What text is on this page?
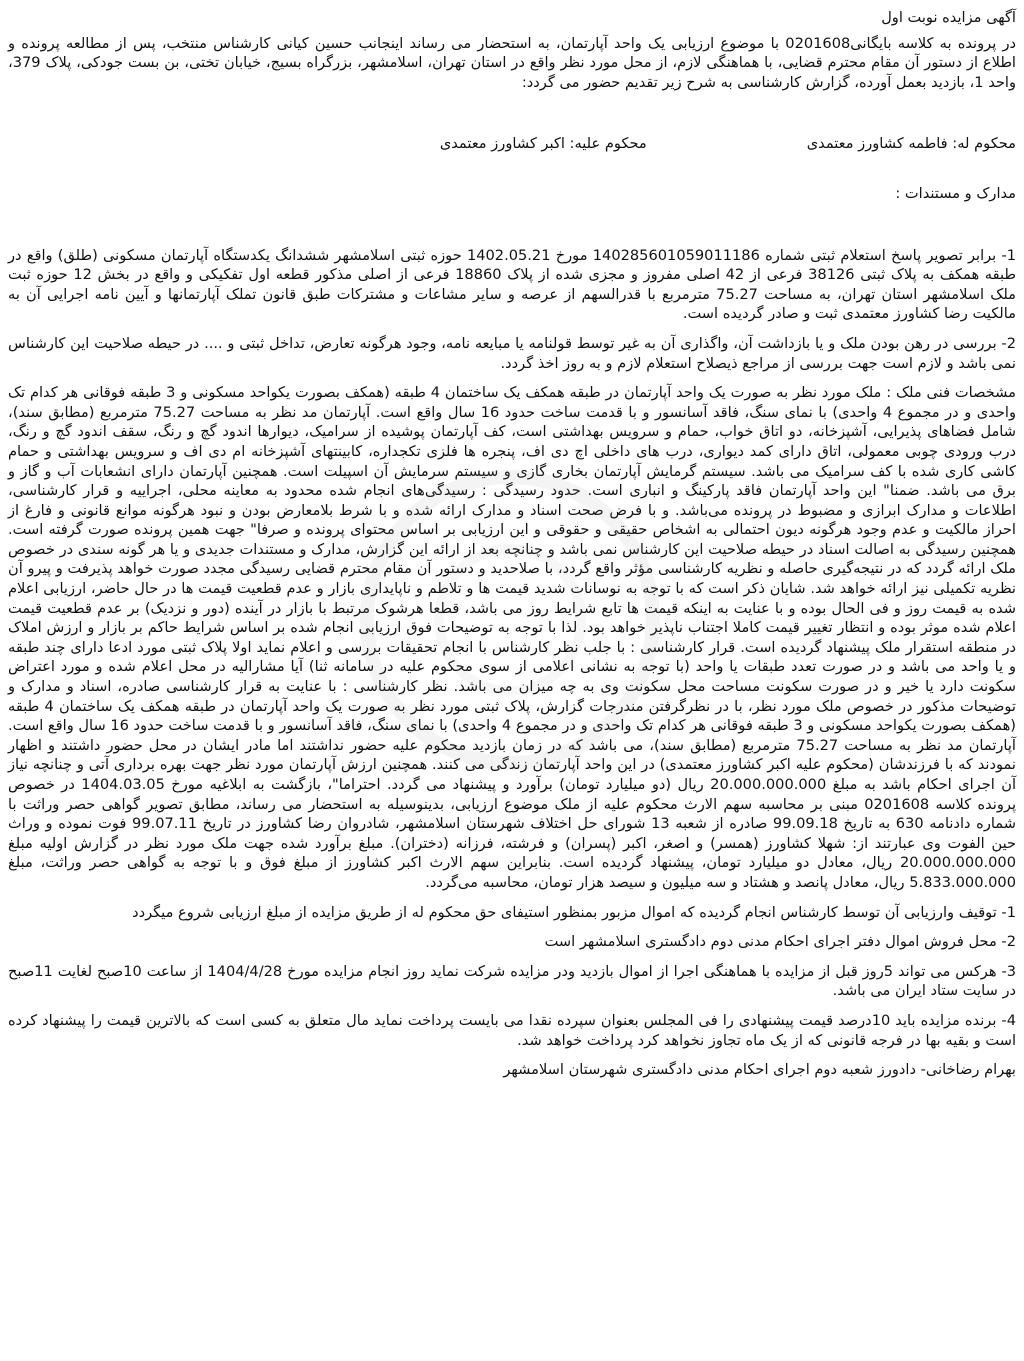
آگهی مزایده نوبت اول

در پرونده به کلاسه بایگانی0201608 با موضوع ارزیابی یک واحد آپارتمان، به استحضار می رساند اینجانب حسین کیانی کارشناس منتخب، پس از مطالعه پرونده و اطلاع از دستور آن مقام محترم قضایی، با هماهنگی لازم، از محل مورد نظر واقع در استان تهران، اسلامشهر، بزرگراه بسیج، خیابان تختی، بن بست جودکی، پلاک 379، واحد 1، بازدید بعمل آورده، گزارش کارشناسی به شرح زیر تقدیم حضور می گردد:

محکوم له: فاطمه کشاورز معتمدی
محکوم علیه: اکبر کشاورز معتمدی

مدارک و مستندات :

1- برابر تصویر پاسخ استعلام ثبتی شماره 140285601059011186 مورخ 1402.05.21 حوزه ثبتی اسلامشهر ششدانگ یکدستگاه آپارتمان مسکونی (طلق) واقع در طبقه همکف به پلاک ثبتی 38126 فرعی از 42 اصلی مفروز و مجزی شده از پلاک 18860 فرعی از اصلی مذکور قطعه اول تفکیکی و واقع در بخش 12 حوزه ثبت ملک اسلامشهر استان تهران، به مساحت 75.27 مترمربع با قدرالسهم از عرصه و سایر مشاعات و مشترکات طبق قانون تملک آپارتمانها و آیین نامه اجرایی آن به مالکیت رضا کشاورز معتمدی ثبت و صادر گردیده است.

2- بررسی در رهن بودن ملک و یا بازداشت آن، واگذاری آن به غیر توسط قولنامه یا مبایعه نامه، وجود هرگونه تعارض، تداخل ثبتی و .... در حیطه صلاحیت این کارشناس نمی باشد و لازم است جهت بررسی از مراجع ذیصلاح استعلام لازم و به روز اخذ گردد.

مشخصات فنی ملک : ملک مورد نظر به صورت یک واحد آپارتمان در طبقه همکف یک ساختمان 4 طبقه (همکف بصورت یکواحد مسکونی و 3 طبقه فوقانی هر کدام تک واحدی و در مجموع 4 واحدی) با نمای سنگ، فاقد آسانسور و با قدمت ساخت حدود 16 سال واقع است. آپارتمان مد نظر به مساحت 75.27 مترمربع (مطابق سند)، شامل فضاهای پذیرایی، آشپزخانه، دو اتاق خواب، حمام و سرویس بهداشتی است، کف آپارتمان پوشیده از سرامیک، دیوارها اندود گچ و رنگ، سقف اندود گچ و رنگ، درب ورودی چوبی معمولی، اتاق دارای کمد دیواری، درب های داخلی اچ دی اف، پنجره ها فلزی تکجداره، کابینتهای آشپزخانه ام دی اف و سرویس بهداشتی و حمام کاشی کاری شده با کف سرامیک می باشد. سیستم گرمایش آپارتمان بخاری گازی و سیستم سرمایش آن اسپیلت است. همچنین آپارتمان دارای انشعابات آب و گاز و برق می باشد. ضمنا" این واحد آپارتمان فاقد پارکینگ و انباری است. حدود رسیدگی : رسیدگی‌های انجام شده محدود به معاینه محلی، اجراییه و قرار کارشناسی، اطلاعات و مدارک ابرازی و مضبوط در پرونده می‌باشد. و با فرض صحت اسناد و مدارک ارائه شده و با شرط بلامعارض بودن و نبود هرگونه موانع قانونی و فارغ از احراز مالکیت و عدم وجود هرگونه دیون احتمالی به اشخاص حقیقی و حقوقی و این ارزیابی بر اساس محتوای پرونده و صرفا" جهت همین پرونده صورت گرفته است. همچنین رسیدگی به اصالت اسناد در حیطه صلاحیت این کارشناس نمی باشد و چنانچه بعد از ارائه این گزارش، مدارک و مستندات جدیدی و یا هر گونه سندی در خصوص ملک ارائه گردد که در نتیجه‌گیری حاصله و نظریه کارشناسی مؤثر واقع گردد، با صلاحدید و دستور آن مقام محترم قضایی رسیدگی مجدد صورت خواهد پذیرفت و پیرو آن نظریه تکمیلی نیز ارائه خواهد شد. شایان ذکر است که با توجه به نوسانات شدید قیمت ها و تلاطم و ناپایداری بازار و عدم قطعیت قیمت ها در حال حاضر، ارزیابی اعلام شده به قیمت روز و فی الحال بوده و با عنایت به اینکه قیمت ها تابع شرایط روز می باشد، قطعا هرشوک مرتبط با بازار در آینده (دور و نزدیک) بر عدم قطعیت قیمت اعلام شده موثر بوده و انتظار تغییر قیمت کاملا اجتناب ناپذیر خواهد بود. لذا با توجه به توضیحات فوق ارزیابی انجام شده بر اساس شرایط حاکم بر بازار و ارزش املاک در منطقه استقرار ملک پیشنهاد گردیده است. قرار کارشناسی : با جلب نظر کارشناس با انجام تحقیقات بررسی و اعلام نماید اولا پلاک ثبتی مورد ادعا دارای چند طبقه و یا واحد می باشد و در صورت تعدد طبقات یا واحد (با توجه به نشانی اعلامی از سوی محکوم علیه در سامانه ثنا) آیا مشارالیه در محل اعلام شده و مورد اعتراض سکونت دارد یا خیر و در صورت سکونت مساحت محل سکونت وی به چه میزان می باشد. نظر کارشناسی : با عنایت به قرار کارشناسی صادره، اسناد و مدارک و توضیحات مذکور در خصوص ملک مورد نظر، با در نظرگرفتن مندرجات گزارش، پلاک ثبتی مورد نظر به صورت یک واحد آپارتمان در طبقه همکف یک ساختمان 4 طبقه (همکف بصورت یکواحد مسکونی و 3 طبقه فوقانی هر کدام تک واحدی و در مجموع 4 واحدی) با نمای سنگ، فاقد آسانسور و با قدمت ساخت حدود 16 سال واقع است. آپارتمان مد نظر به مساحت 75.27 مترمربع (مطابق سند)، می باشد که در زمان بازدید محکوم علیه حضور نداشتند اما مادر ایشان در محل حضور داشتند و اظهار نمودند که با فرزندشان (محکوم علیه اکبر کشاورز معتمدی) در این واحد آپارتمان زندگی می کنند. همچنین ارزش آپارتمان مورد نظر جهت بهره برداری آتی و چنانچه نیاز آن اجرای احکام باشد به مبلغ 20.000.000.000 ریال (دو میلیارد تومان) برآورد و پیشنهاد می گردد. احتراما"، بازگشت به ابلاغیه مورخ 1404.03.05 در خصوص پرونده کلاسه 0201608 مبنی بر محاسبه سهم الارث محکوم علیه از ملک موضوع ارزیابی، بدینوسیله به استحضار می رساند، مطابق تصویر گواهی حصر وراثت با شماره دادنامه 630 به تاریخ 99.09.18 صادره از شعبه 13 شورای حل اختلاف شهرستان اسلامشهر، شادروان رضا کشاورز در تاریخ 99.07.11 فوت نموده و وراث حین الفوت وی عبارتند از: شهلا کشاورز (همسر) و اصغر، اکبر (پسران) و فرشته، فرزانه (دختران). مبلغ برآورد شده جهت ملک مورد نظر در گزارش اولیه مبلغ 20.000.000.000 ریال، معادل دو میلیارد تومان، پیشنهاد گردیده است. بنابراین سهم الارث اکبر کشاورز از مبلغ فوق و با توجه به گواهی حصر وراثت، مبلغ 5.833.000.000 ریال، معادل پانصد و هشتاد و سه میلیون و سیصد هزار تومان، محاسبه می‌گردد.

1- توقیف وارزیابی آن توسط کارشناس انجام گردیده که اموال مزبور بمنظور استیفای حق محکوم له از طریق مزایده از مبلغ ارزیابی شروع میگردد

2- محل فروش اموال دفتر اجرای احکام مدنی دوم دادگستری اسلامشهر است

3- هرکس می تواند 5روز قبل از مزایده با هماهنگی اجرا از اموال بازدید ودر مزایده شرکت نماید روز انجام مزایده مورخ 1404/4/28 از ساعت 10صبح لغایت 11صبح در سایت ستاد ایران می باشد.

4- برنده مزایده باید 10درصد قیمت پیشنهادی را فی المجلس بعنوان سپرده نقدا می بایست پرداخت نماید مال متعلق به کسی است که بالاترین قیمت را پیشنهاد کرده است و بقیه بها در فرجه قانونی که از یک ماه تجاوز نخواهد کرد پرداخت خواهد شد.

بهرام رضاخانی- دادورز شعبه دوم اجرای احکام مدنی دادگستری شهرستان اسلامشهر
